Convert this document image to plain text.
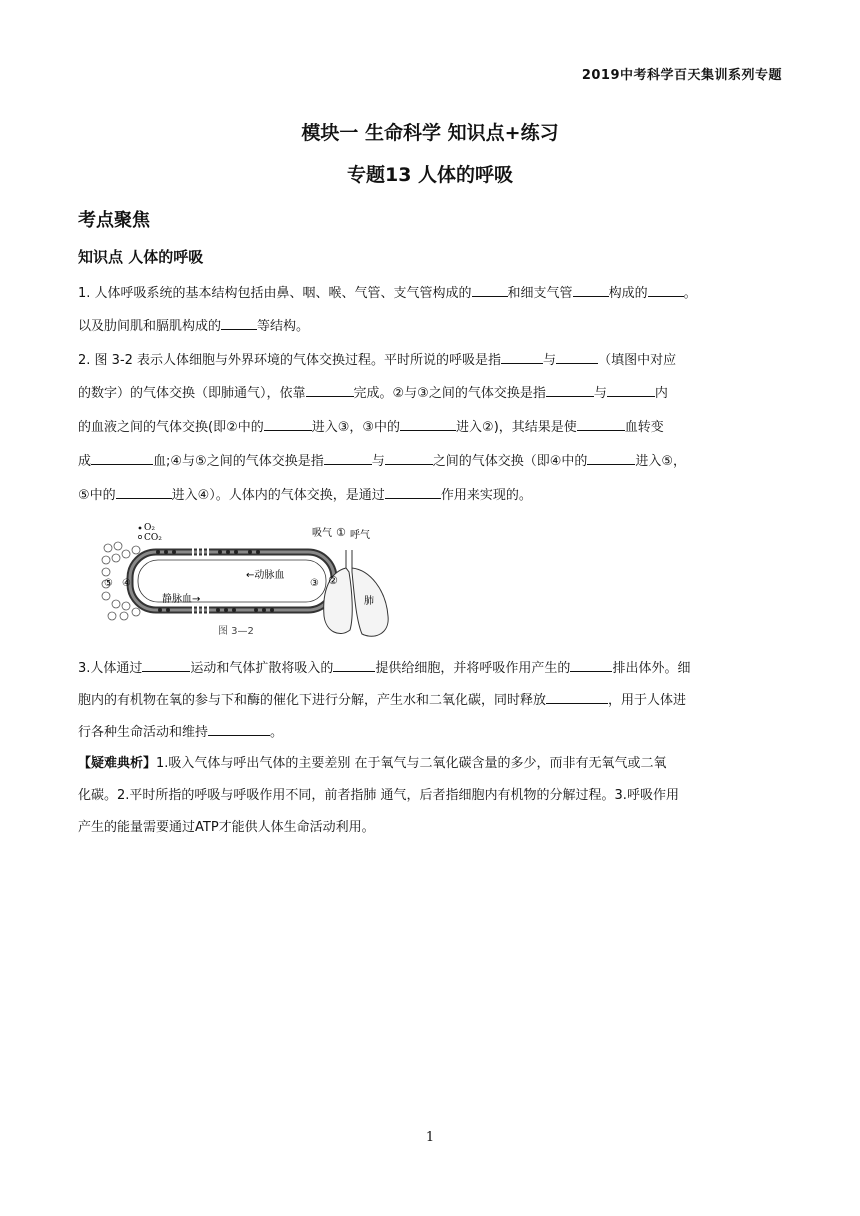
2019中考科学百天集训系列专题
模块一 生命科学 知识点+练习
专题13 人体的呼吸
考点聚焦
知识点 人体的呼吸
1. 人体呼吸系统的基本结构包括由鼻、咽、喉、气管、支气管构成的	和细支气管	构成的	。
以及肋间肌和膈肌构成的	等结构。
2. 图 3-2 表示人体细胞与外界环境的气体交换过程。平时所说的呼吸是指	与	（填图中对应
的数字）的气体交换（即肺通气），依靠	完成。②与③之间的气体交换是指	与	内
的血液之间的气体交换(即②中的	进入③，③中的	进入②)，其结果是使	血转变
成	血;④与⑤之间的气体交换是指	与	之间的气体交换（即④中的	进入⑤，
⑤中的	进入④）。人体内的气体交换，是通过	作用来实现的。
O₂
CO₂	吸气 ① 呼气
②
③
④
⑤
←动脉血
静脉血→	肺
图 3—2
3.人体通过	运动和气体扩散将吸入的	提供给细胞，并将呼吸作用产生的	排出体外。细
胞内的有机物在氧的参与下和酶的催化下进行分解，产生水和二氧化碳，同时释放	，用于人体进
行各种生命活动和维持	。
【疑难典析】1.吸入气体与呼出气体的主要差别 在于氧气与二氧化碳含量的多少，而非有无氧气或二氧
化碳。2.平时所指的呼吸与呼吸作用不同，前者指肺 通气，后者指细胞内有机物的分解过程。3.呼吸作用
产生的能量需要通过ATP才能供人体生命活动利用。
1
